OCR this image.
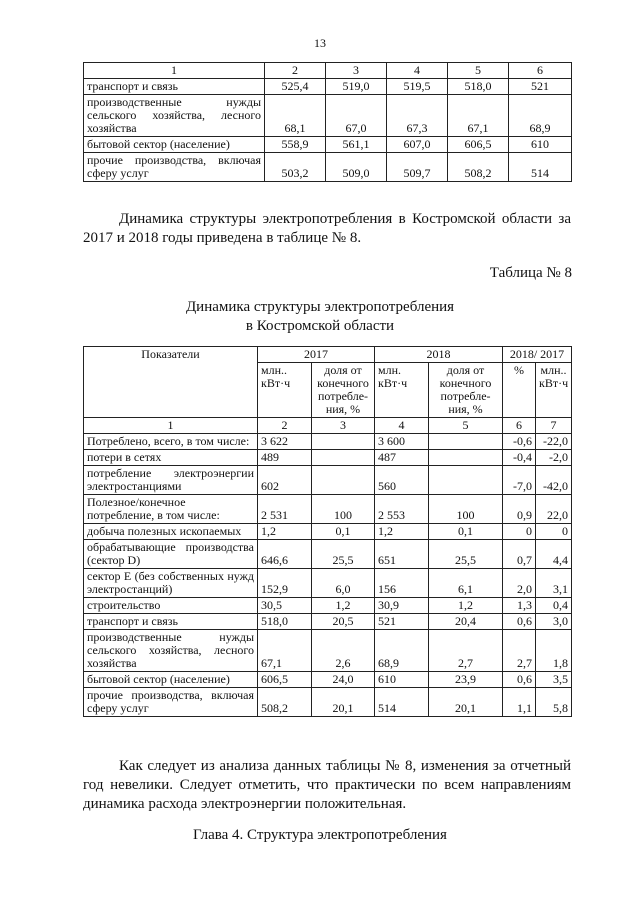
13
1	2	3	4	5	6
транспорт и связь	525,4	519,0	519,5	518,0	521
производственные нужды сельского хозяйства, лесного хозяйства	68,1	67,0	67,3	67,1	68,9
бытовой сектор (население)	558,9	561,1	607,0	606,5	610
прочие производства, включая сферу услуг	503,2	509,0	509,7	508,2	514
Динамика структуры электропотребления в Костромской области за 2017 и 2018 годы приведена в таблице № 8.
Таблица № 8
Динамика структуры электропотребления
в Костромской области
Показатели	2017		2018		2018/ 2017	
	млн.. кВт·ч	доля от конечного потребле-ния, %	млн. кВт·ч	доля от конечного потребле-ния, %	%	млн.. кВт·ч
1	2	3	4	5	6	7
Потреблено, всего, в том числе:	3 622		3 600		-0,6	-22,0
потери в сетях	489		487		-0,4	-2,0
потребление электроэнергии электростанциями	602		560		-7,0	-42,0
Полезное/конечное потребление, в том числе:	2 531	100	2 553	100	0,9	22,0
добыча полезных ископаемых	1,2	0,1	1,2	0,1	0	0
обрабатывающие производства (сектор D)	646,6	25,5	651	25,5	0,7	4,4
сектор Е (без собственных нужд электростанций)	152,9	6,0	156	6,1	2,0	3,1
строительство	30,5	1,2	30,9	1,2	1,3	0,4
транспорт и связь	518,0	20,5	521	20,4	0,6	3,0
производственные нужды сельского хозяйства, лесного хозяйства	67,1	2,6	68,9	2,7	2,7	1,8
бытовой сектор (население)	606,5	24,0	610	23,9	0,6	3,5
прочие производства, включая сферу услуг	508,2	20,1	514	20,1	1,1	5,8
Как следует из анализа данных таблицы № 8, изменения за отчетный год невелики. Следует отметить, что практически по всем направлениям динамика расхода электроэнергии положительная.
Глава 4. Структура электропотребления
